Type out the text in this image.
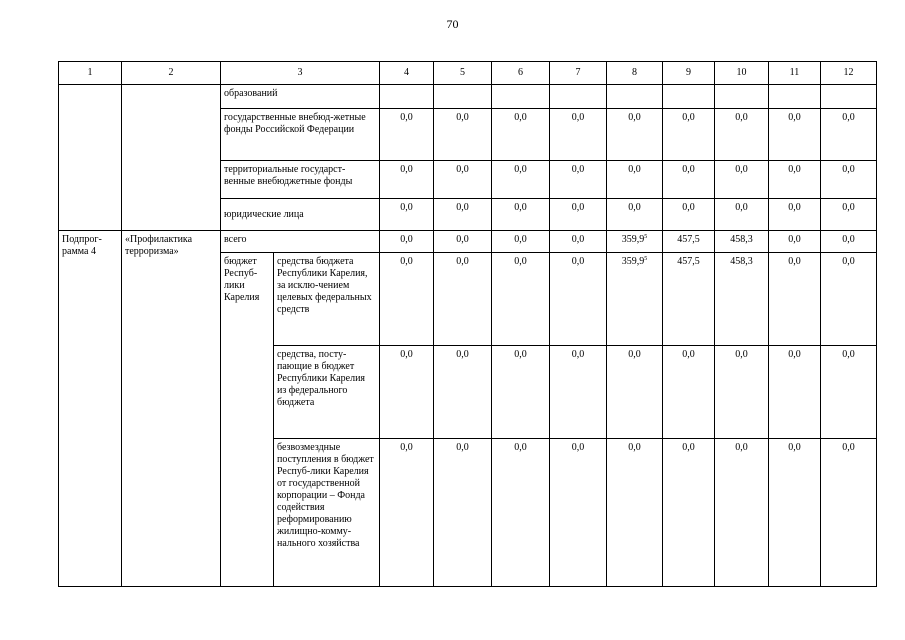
70
1	2	3		4	5	6	7	8	9	10	11	12
		образований										
		государственные внебюд-жетные фонды Российской Федерации		0,0	0,0	0,0	0,0	0,0	0,0	0,0	0,0	0,0
		территориальные государст-венные внебюджетные фонды		0,0	0,0	0,0	0,0	0,0	0,0	0,0	0,0	0,0
		юридические лица		0,0	0,0	0,0	0,0	0,0	0,0	0,0	0,0	0,0
Подпрог-рамма 4	«Профилактика терроризма»	всего		0,0	0,0	0,0	0,0	359,9$^5$	457,5	458,3	0,0	0,0
		бюджет Респуб-лики Карелия	средства бюджета Республики Карелия, за исклю-чением целевых федеральных средств	0,0	0,0	0,0	0,0	359,9$^5$	457,5	458,3	0,0	0,0
			средства, посту-пающие в бюджет Республики Карелия из федерального бюджета	0,0	0,0	0,0	0,0	0,0	0,0	0,0	0,0	0,0
			безвозмездные поступления в бюджет Респуб-лики Карелия от государственной корпорации – Фонда содействия реформированию жилищно-комму-нального хозяйства	0,0	0,0	0,0	0,0	0,0	0,0	0,0	0,0	0,0
